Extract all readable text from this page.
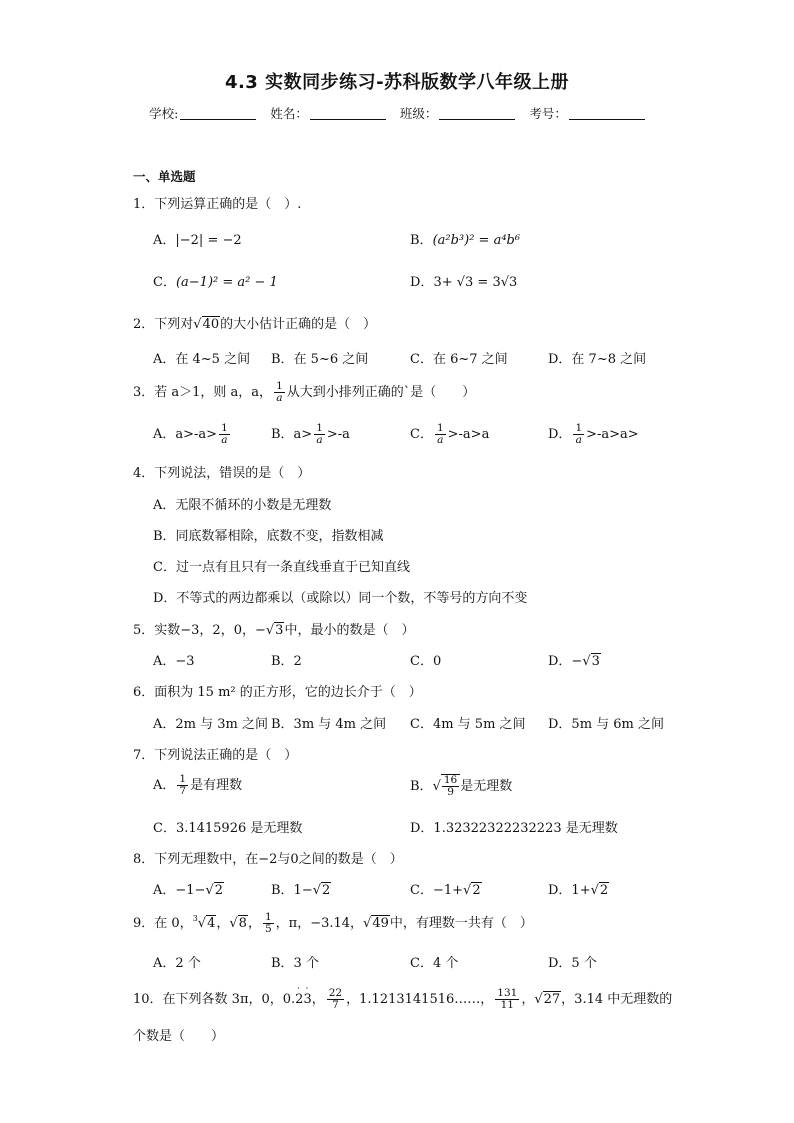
4.3 实数同步练习-苏科版数学八年级上册
学校:	姓名：	班级：	考号：
一、单选题
1．下列运算正确的是（　）.
A．|−2| = −2	B．(a²b³)² = a⁴b⁶
C．(a−1)² = a² − 1	D．3+ √3 = 3√3
2．下列对√40的大小估计正确的是（　）
A．在 4~5 之间 B．在 5~6 之间	C．在 6~7 之间	D．在 7~8 之间
3．若 a＞1，则 a，a， $\frac{1}{a}$ 从大到小排列正确的`是（　　）
A．$a>-a> \frac{1}{a}$	B．$a> \frac{1}{a} >-a$	C． $\frac{1}{a} >-a>a$	D． $\frac{1}{a} >-a>a>$
4．下列说法，错误的是（　）
A．无限不循环的小数是无理数
B．同底数幂相除，底数不变，指数相减
C．过一点有且只有一条直线垂直于已知直线
D．不等式的两边都乘以（或除以）同一个数，不等号的方向不变
5．实数−3，2，0，−√3中，最小的数是（　）
A．−3	B．2	C．0	D．−√3
6．面积为 15 m² 的正方形，它的边长介于（　）
A．2m 与 3m 之间 B．3m 与 4m 之间 C．4m 与 5m 之间 D．5m 与 6m 之间
7．下列说法正确的是（　）
A． $\frac{1}{7}$ 是有理数	B．√ $\frac{16}{9}$ 是无理数
C．3.1415926 是无理数	D．1.32322322232223 是无理数
8．下列无理数中，在−2与0之间的数是（　）
A．−1−√2	B．1−√2	C．−1+√2	D．1+√2
9．在 0，$^3$√4，√8， $\frac{1}{5}$ ，π，−3.14，√49中，有理数一共有（　）
A．2 个	B．3 个	C．4 个	D．5 个
10．在下列各数 3π，0，0.2
·
3
·
， $\frac{22}{7}$ ，1.1213141516……， $\frac{131}{11}$ ，√27，3.14 中无理数的
个数是（　　）
